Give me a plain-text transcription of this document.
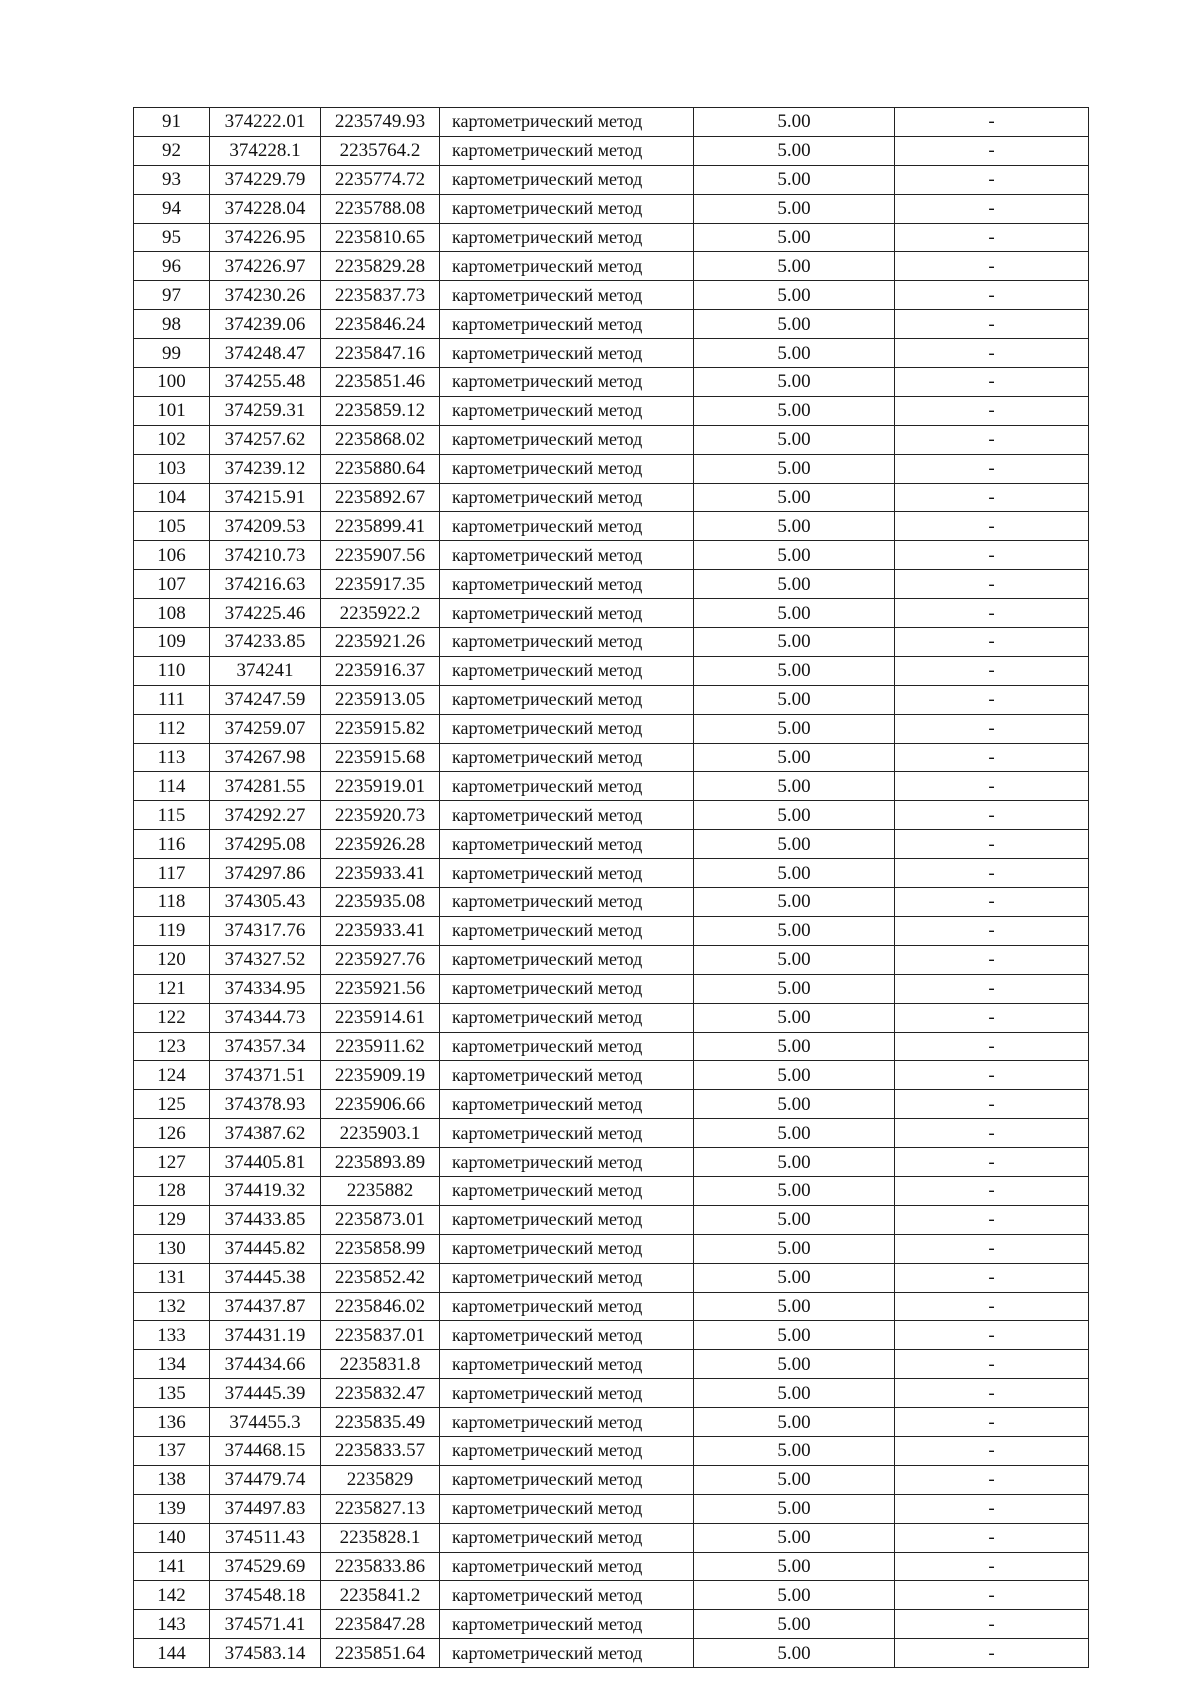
91	374222.01	2235749.93	картометрический метод	5.00	-
92	374228.1	2235764.2	картометрический метод	5.00	-
93	374229.79	2235774.72	картометрический метод	5.00	-
94	374228.04	2235788.08	картометрический метод	5.00	-
95	374226.95	2235810.65	картометрический метод	5.00	-
96	374226.97	2235829.28	картометрический метод	5.00	-
97	374230.26	2235837.73	картометрический метод	5.00	-
98	374239.06	2235846.24	картометрический метод	5.00	-
99	374248.47	2235847.16	картометрический метод	5.00	-
100	374255.48	2235851.46	картометрический метод	5.00	-
101	374259.31	2235859.12	картометрический метод	5.00	-
102	374257.62	2235868.02	картометрический метод	5.00	-
103	374239.12	2235880.64	картометрический метод	5.00	-
104	374215.91	2235892.67	картометрический метод	5.00	-
105	374209.53	2235899.41	картометрический метод	5.00	-
106	374210.73	2235907.56	картометрический метод	5.00	-
107	374216.63	2235917.35	картометрический метод	5.00	-
108	374225.46	2235922.2	картометрический метод	5.00	-
109	374233.85	2235921.26	картометрический метод	5.00	-
110	374241	2235916.37	картометрический метод	5.00	-
111	374247.59	2235913.05	картометрический метод	5.00	-
112	374259.07	2235915.82	картометрический метод	5.00	-
113	374267.98	2235915.68	картометрический метод	5.00	-
114	374281.55	2235919.01	картометрический метод	5.00	-
115	374292.27	2235920.73	картометрический метод	5.00	-
116	374295.08	2235926.28	картометрический метод	5.00	-
117	374297.86	2235933.41	картометрический метод	5.00	-
118	374305.43	2235935.08	картометрический метод	5.00	-
119	374317.76	2235933.41	картометрический метод	5.00	-
120	374327.52	2235927.76	картометрический метод	5.00	-
121	374334.95	2235921.56	картометрический метод	5.00	-
122	374344.73	2235914.61	картометрический метод	5.00	-
123	374357.34	2235911.62	картометрический метод	5.00	-
124	374371.51	2235909.19	картометрический метод	5.00	-
125	374378.93	2235906.66	картометрический метод	5.00	-
126	374387.62	2235903.1	картометрический метод	5.00	-
127	374405.81	2235893.89	картометрический метод	5.00	-
128	374419.32	2235882	картометрический метод	5.00	-
129	374433.85	2235873.01	картометрический метод	5.00	-
130	374445.82	2235858.99	картометрический метод	5.00	-
131	374445.38	2235852.42	картометрический метод	5.00	-
132	374437.87	2235846.02	картометрический метод	5.00	-
133	374431.19	2235837.01	картометрический метод	5.00	-
134	374434.66	2235831.8	картометрический метод	5.00	-
135	374445.39	2235832.47	картометрический метод	5.00	-
136	374455.3	2235835.49	картометрический метод	5.00	-
137	374468.15	2235833.57	картометрический метод	5.00	-
138	374479.74	2235829	картометрический метод	5.00	-
139	374497.83	2235827.13	картометрический метод	5.00	-
140	374511.43	2235828.1	картометрический метод	5.00	-
141	374529.69	2235833.86	картометрический метод	5.00	-
142	374548.18	2235841.2	картометрический метод	5.00	-
143	374571.41	2235847.28	картометрический метод	5.00	-
144	374583.14	2235851.64	картометрический метод	5.00	-
